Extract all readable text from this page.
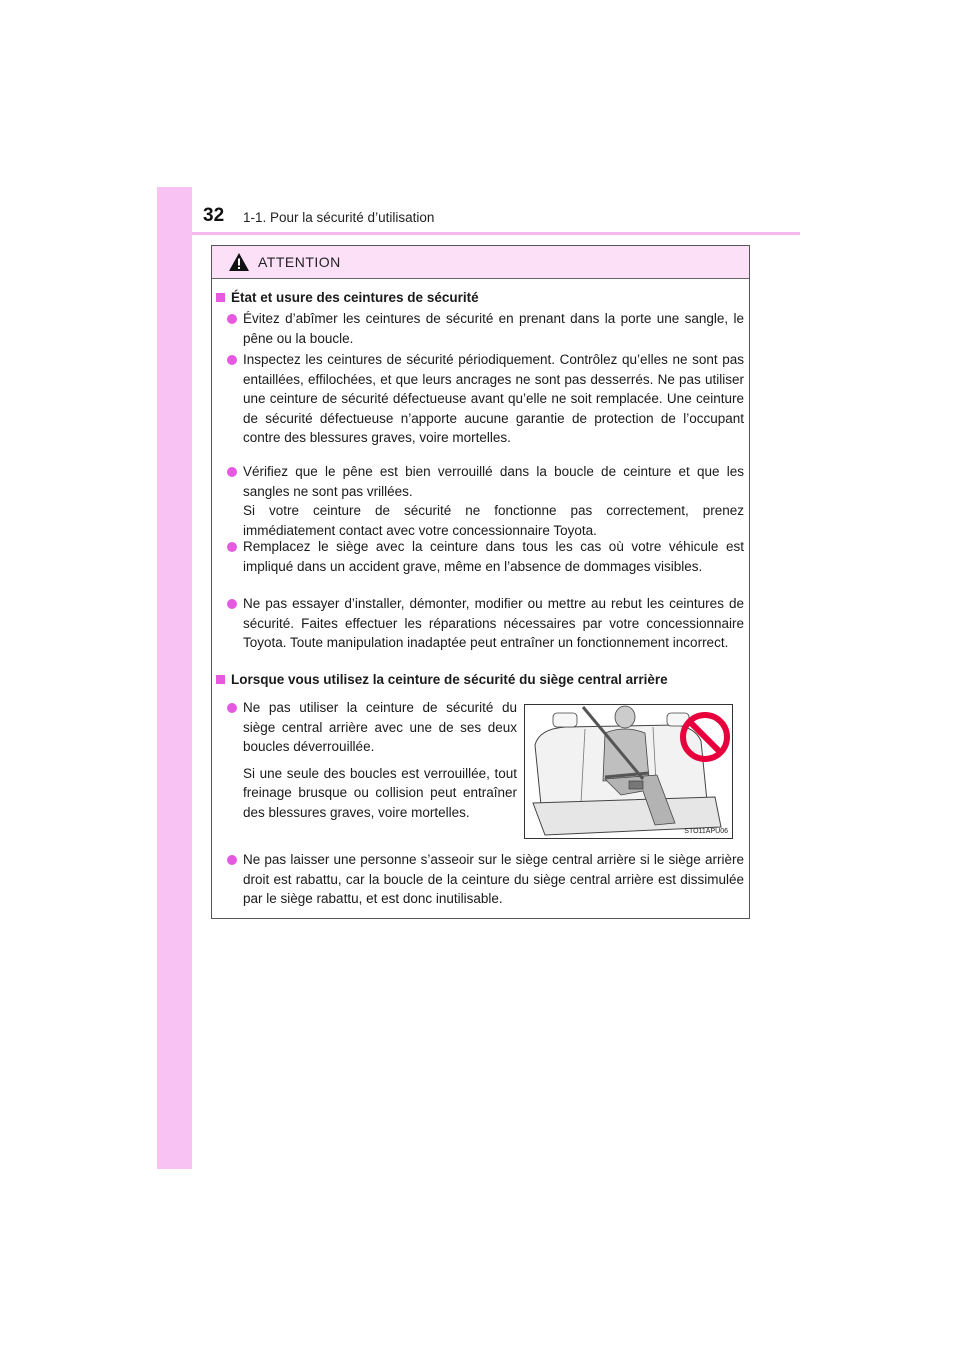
32 1-1. Pour la sécurité d’utilisation
ATTENTION
État et usure des ceintures de sécurité
Évitez d’abîmer les ceintures de sécurité en prenant dans la porte une sangle, le pêne ou la boucle.
Inspectez les ceintures de sécurité périodiquement. Contrôlez qu’elles ne sont pas entaillées, effilochées, et que leurs ancrages ne sont pas desserrés. Ne pas utiliser une ceinture de sécurité défectueuse avant qu’elle ne soit remplacée. Une ceinture de sécurité défectueuse n’apporte aucune garantie de protection de l’occupant contre des blessures graves, voire mortelles.

Vérifiez que le pêne est bien verrouillé dans la boucle de ceinture et que les sangles ne sont pas vrillées.

Si votre ceinture de sécurité ne fonctionne pas correctement, prenez immédiatement contact avec votre concessionnaire Toyota.

Remplacez le siège avec la ceinture dans tous les cas où votre véhicule est impliqué dans un accident grave, même en l’absence de dommages visibles.
Ne pas essayer d’installer, démonter, modifier ou mettre au rebut les ceintures de sécurité. Faites effectuer les réparations nécessaires par votre concessionnaire Toyota. Toute manipulation inadaptée peut entraîner un fonctionnement incorrect.
Lorsque vous utilisez la ceinture de sécurité du siège central arrière

Ne pas utiliser la ceinture de sécurité du siège central arrière avec une de ses deux boucles déverrouillée.

Si une seule des boucles est verrouillée, tout freinage brusque ou collision peut entraîner des blessures graves, voire mortelles.

STO11APU06
Ne pas laisser une personne s’asseoir sur le siège central arrière si le siège arrière droit est rabattu, car la boucle de la ceinture du siège central arrière est dissimulée par le siège rabattu, et est donc inutilisable.
